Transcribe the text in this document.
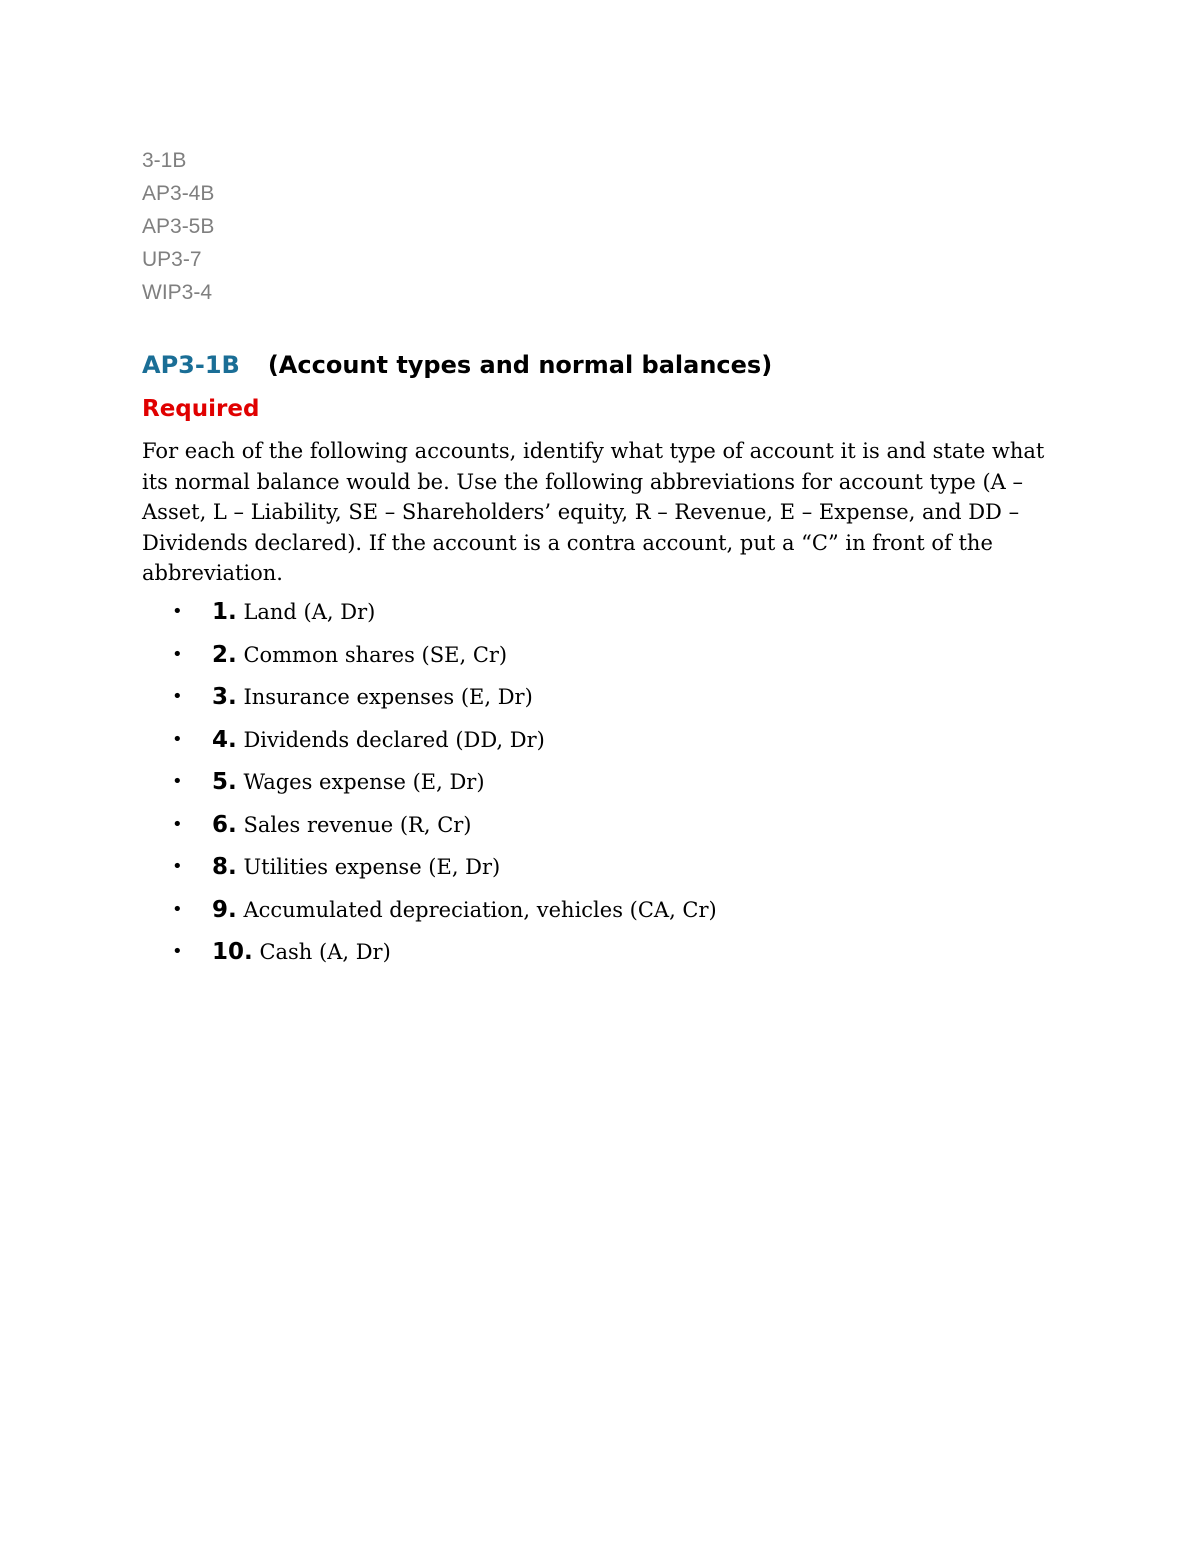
3-1B
AP3-4B
AP3-5B
UP3-7
WIP3-4
AP3-1B (Account types and normal balances)
Required

For each of the following accounts, identify what type of account it is and state what its normal balance would be. Use the following abbreviations for account type (A – Asset, L – Liability, SE – Shareholders’ equity, R – Revenue, E – Expense, and DD – Dividends declared). If the account is a contra account, put a “C” in front of the abbreviation.

• 1. Land (A, Dr)
• 2. Common shares (SE, Cr)
• 3. Insurance expenses (E, Dr)
• 4. Dividends declared (DD, Dr)
• 5. Wages expense (E, Dr)
• 6. Sales revenue (R, Cr)
• 8. Utilities expense (E, Dr)
• 9. Accumulated depreciation, vehicles (CA, Cr)
• 10. Cash (A, Dr)
